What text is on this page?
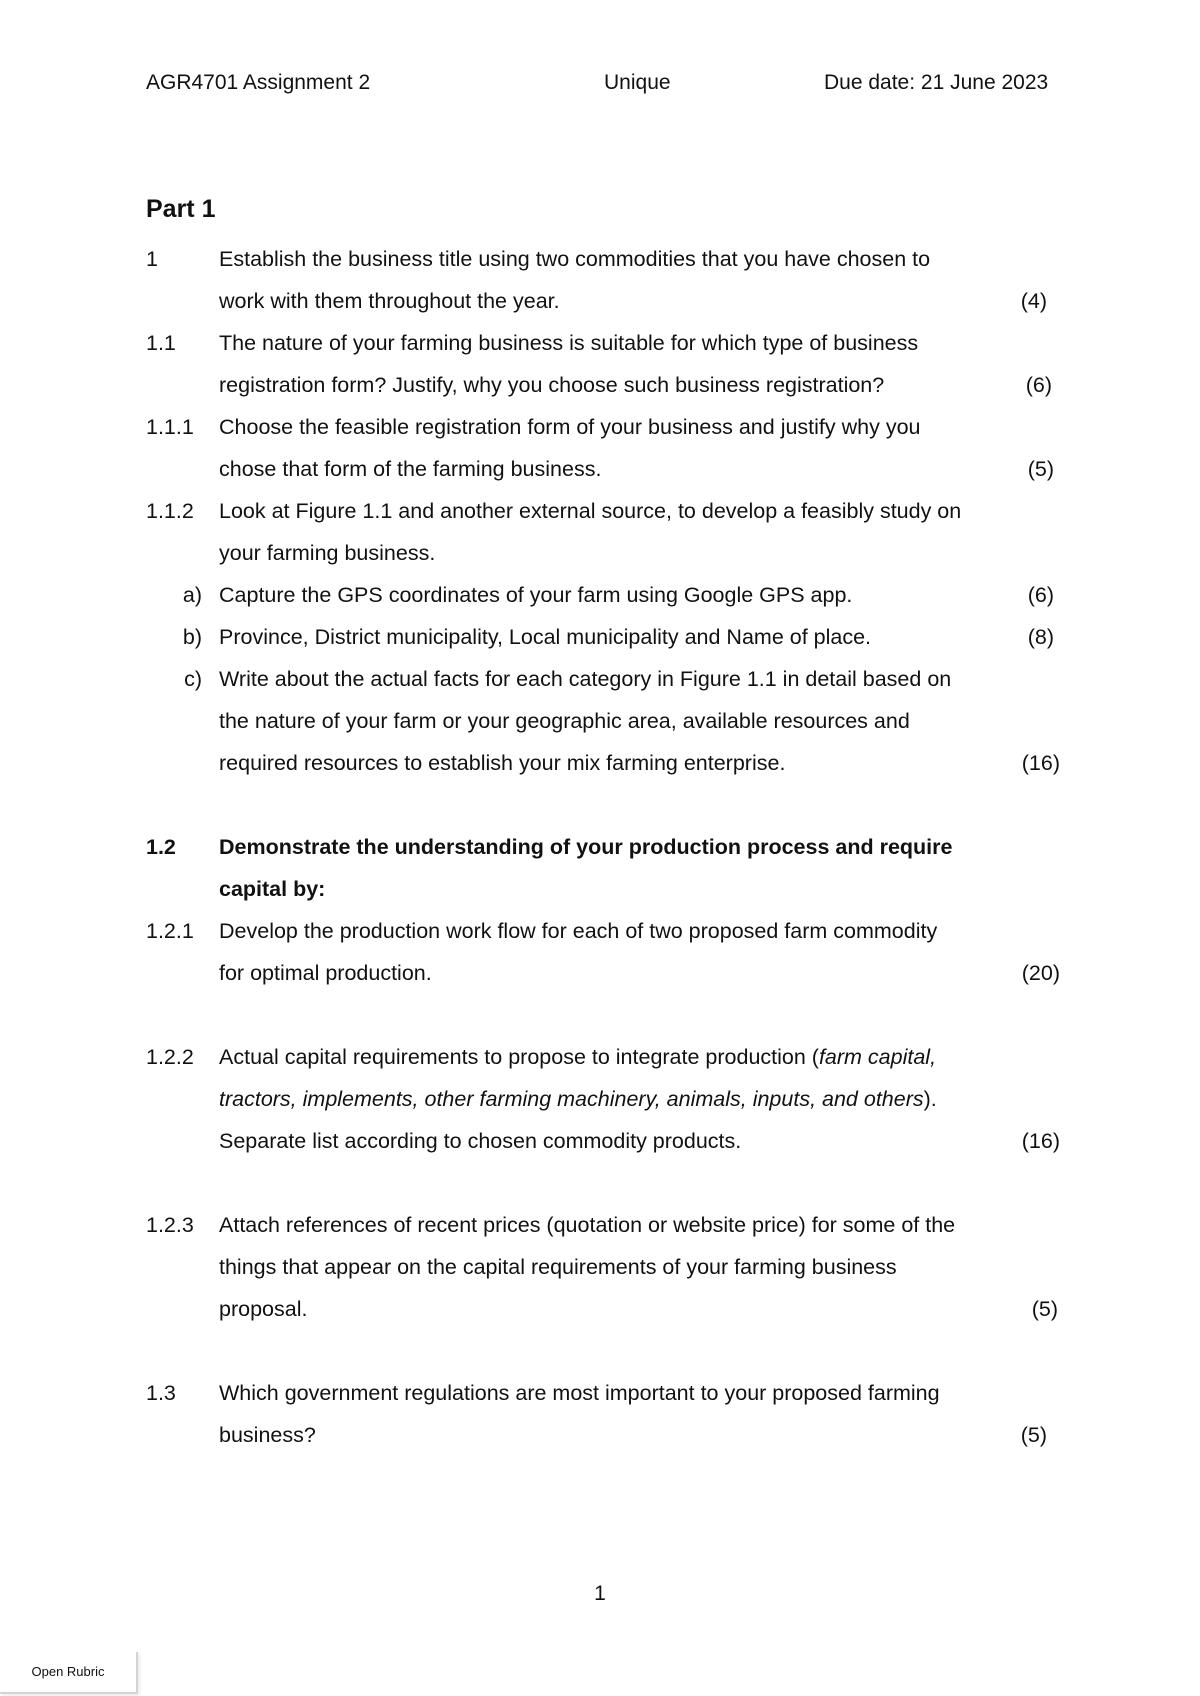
AGR4701 Assignment 2	Unique	Due date: 21 June 2023
Part 1
1	Establish the business title using two commodities that you have chosen to
work with them throughout the year.	(4)
1.1 The nature of your farming business is suitable for which type of business
registration form? Justify, why you choose such business registration?	(6)
1.1.1 Choose the feasible registration form of your business and justify why you
chose that form of the farming business.	(5)
1.1.2 Look at Figure 1.1 and another external source, to develop a feasibly study on
your farming business.
a) Capture the GPS coordinates of your farm using Google GPS app.	(6)
b) Province, District municipality, Local municipality and Name of place.	(8)
c) Write about the actual facts for each category in Figure 1.1 in detail based on
the nature of your farm or your geographic area, available resources and
required resources to establish your mix farming enterprise.	(16)
1.2 Demonstrate the understanding of your production process and require
capital by:
1.2.1 Develop the production work flow for each of two proposed farm commodity
for optimal production.	(20)
1.2.2 Actual capital requirements to propose to integrate production (farm capital,
tractors, implements, other farming machinery, animals, inputs, and others).
Separate list according to chosen commodity products.	(16)
1.2.3 Attach references of recent prices (quotation or website price) for some of the
things that appear on the capital requirements of your farming business
proposal.	(5)
1.3 Which government regulations are most important to your proposed farming
business?	(5)
1
Open Rubric
